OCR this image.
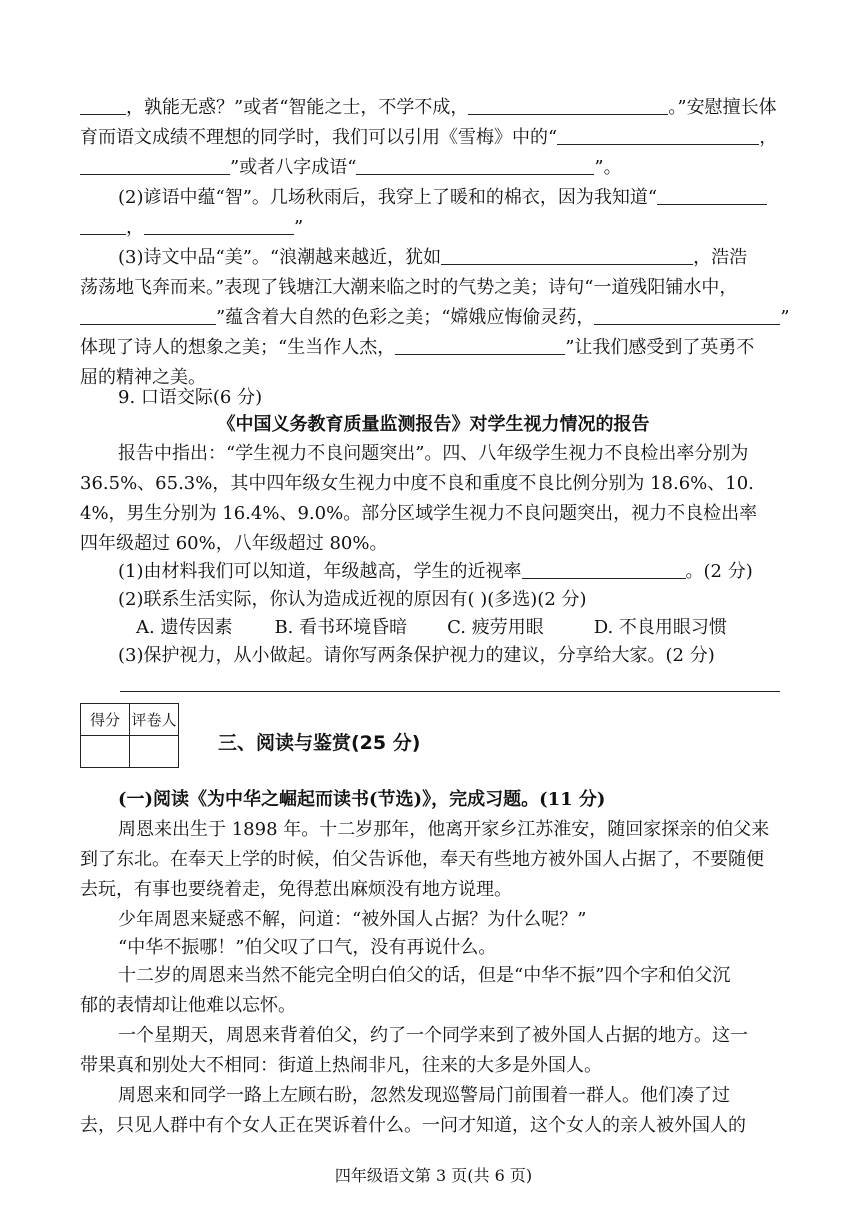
，孰能无惑？”或者“智能之士，不学不成，	。”安慰擅长体
育而语文成绩不理想的同学时，我们可以引用《雪梅》中的“	，
”或者八字成语“	”。
(2)谚语中蕴“智”。几场秋雨后，我穿上了暖和的棉衣，因为我知道“
，	”
(3)诗文中品“美”。“浪潮越来越近，犹如	，浩浩
荡荡地飞奔而来。”表现了钱塘江大潮来临之时的气势之美；诗句“一道残阳铺水中，
”蕴含着大自然的色彩之美；“嫦娥应悔偷灵药，	”
体现了诗人的想象之美；“生当作人杰，	”让我们感受到了英勇不
屈的精神之美。
9. 口语交际(6 分)
《中国义务教育质量监测报告》对学生视力情况的报告
报告中指出：“学生视力不良问题突出”。四、八年级学生视力不良检出率分别为
36.5%、65.3%，其中四年级女生视力中度不良和重度不良比例分别为 18.6%、10.
4%，男生分别为 16.4%、9.0%。部分区域学生视力不良问题突出，视力不良检出率
四年级超过 60%，八年级超过 80%。
(1)由材料我们可以知道，年级越高，学生的近视率	。(2 分)
(2)联系生活实际，你认为造成近视的原因有( )(多选)(2 分)
A. 遗传因素 B. 看书环境昏暗 C. 疲劳用眼	D. 不良用眼习惯
(3)保护视力，从小做起。请你写两条保护视力的建议，分享给大家。(2 分)
得分	评卷人

三、阅读与鉴赏(25 分)
(一)阅读《为中华之崛起而读书(节选)》，完成习题。(11 分)
周恩来出生于 1898 年。十二岁那年，他离开家乡江苏淮安，随回家探亲的伯父来
到了东北。在奉天上学的时候，伯父告诉他，奉天有些地方被外国人占据了，不要随便
去玩，有事也要绕着走，免得惹出麻烦没有地方说理。
少年周恩来疑惑不解，问道：“被外国人占据？为什么呢？”
“中华不振哪！”伯父叹了口气，没有再说什么。
十二岁的周恩来当然不能完全明白伯父的话，但是“中华不振”四个字和伯父沉
郁的表情却让他难以忘怀。
一个星期天，周恩来背着伯父，约了一个同学来到了被外国人占据的地方。这一
带果真和别处大不相同：街道上热闹非凡，往来的大多是外国人。
周恩来和同学一路上左顾右盼，忽然发现巡警局门前围着一群人。他们凑了过
去，只见人群中有个女人正在哭诉着什么。一问才知道，这个女人的亲人被外国人的
四年级语文第 3 页(共 6 页)
